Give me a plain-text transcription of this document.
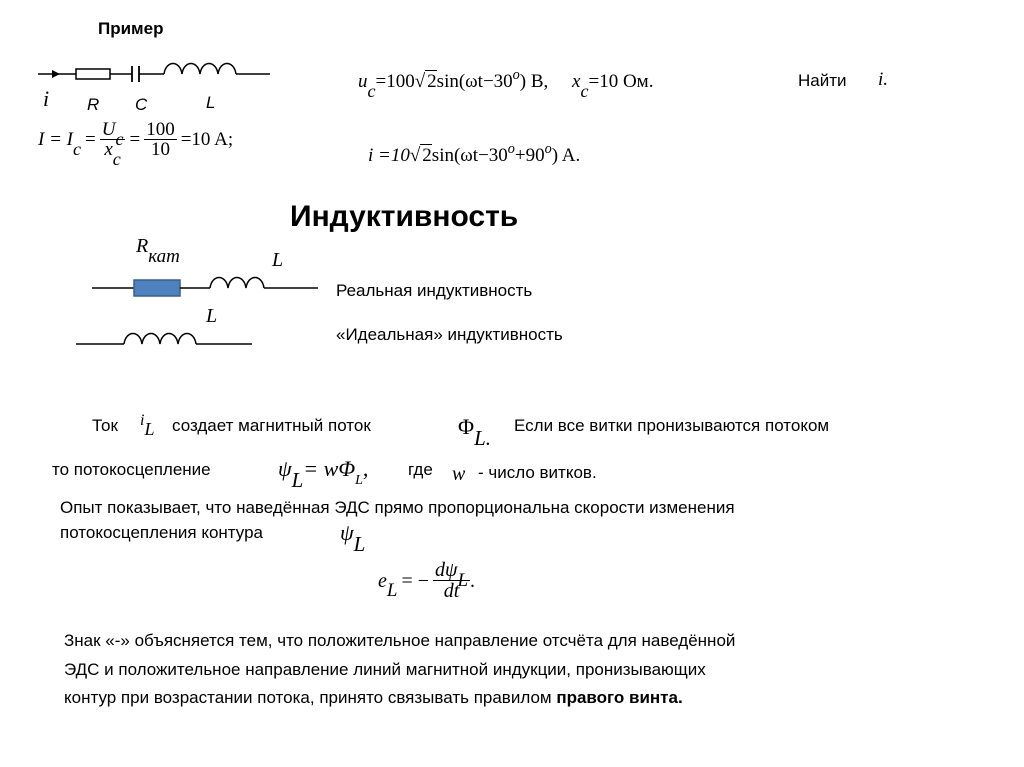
Пример
i R C	L
uc=100√ $2\sin(\omega t-30^o)$ B, xc=10 Ом.	Найти i.
I = I $c = \frac{Uc}{xc} = \frac{100}{10} =10$ A;
i =10√ $2\sin(\omega t-30^o+90^o)$ A.
Индуктивность
Rкат	L
Реальная индуктивность
L
«Идеальная» индуктивность
Ток iL создает магнитный поток	ΦL.
Если все витки пронизываются потоком
то потокосцепление	$\psi L= w\Phi_L$, где w - число витков.
Опыт показывает, что наведённая ЭДС прямо пропорциональна скорости изменения
потокосцепления контура	ψL
e L = − $\frac{\text{dψL}}{dt}$ .
Знак «-» объясняется тем, что положительное направление отсчёта для наведённой
ЭДС и положительное направление линий магнитной индукции, пронизывающих
контур при возрастании потока, принято связывать правилом правого винта.
